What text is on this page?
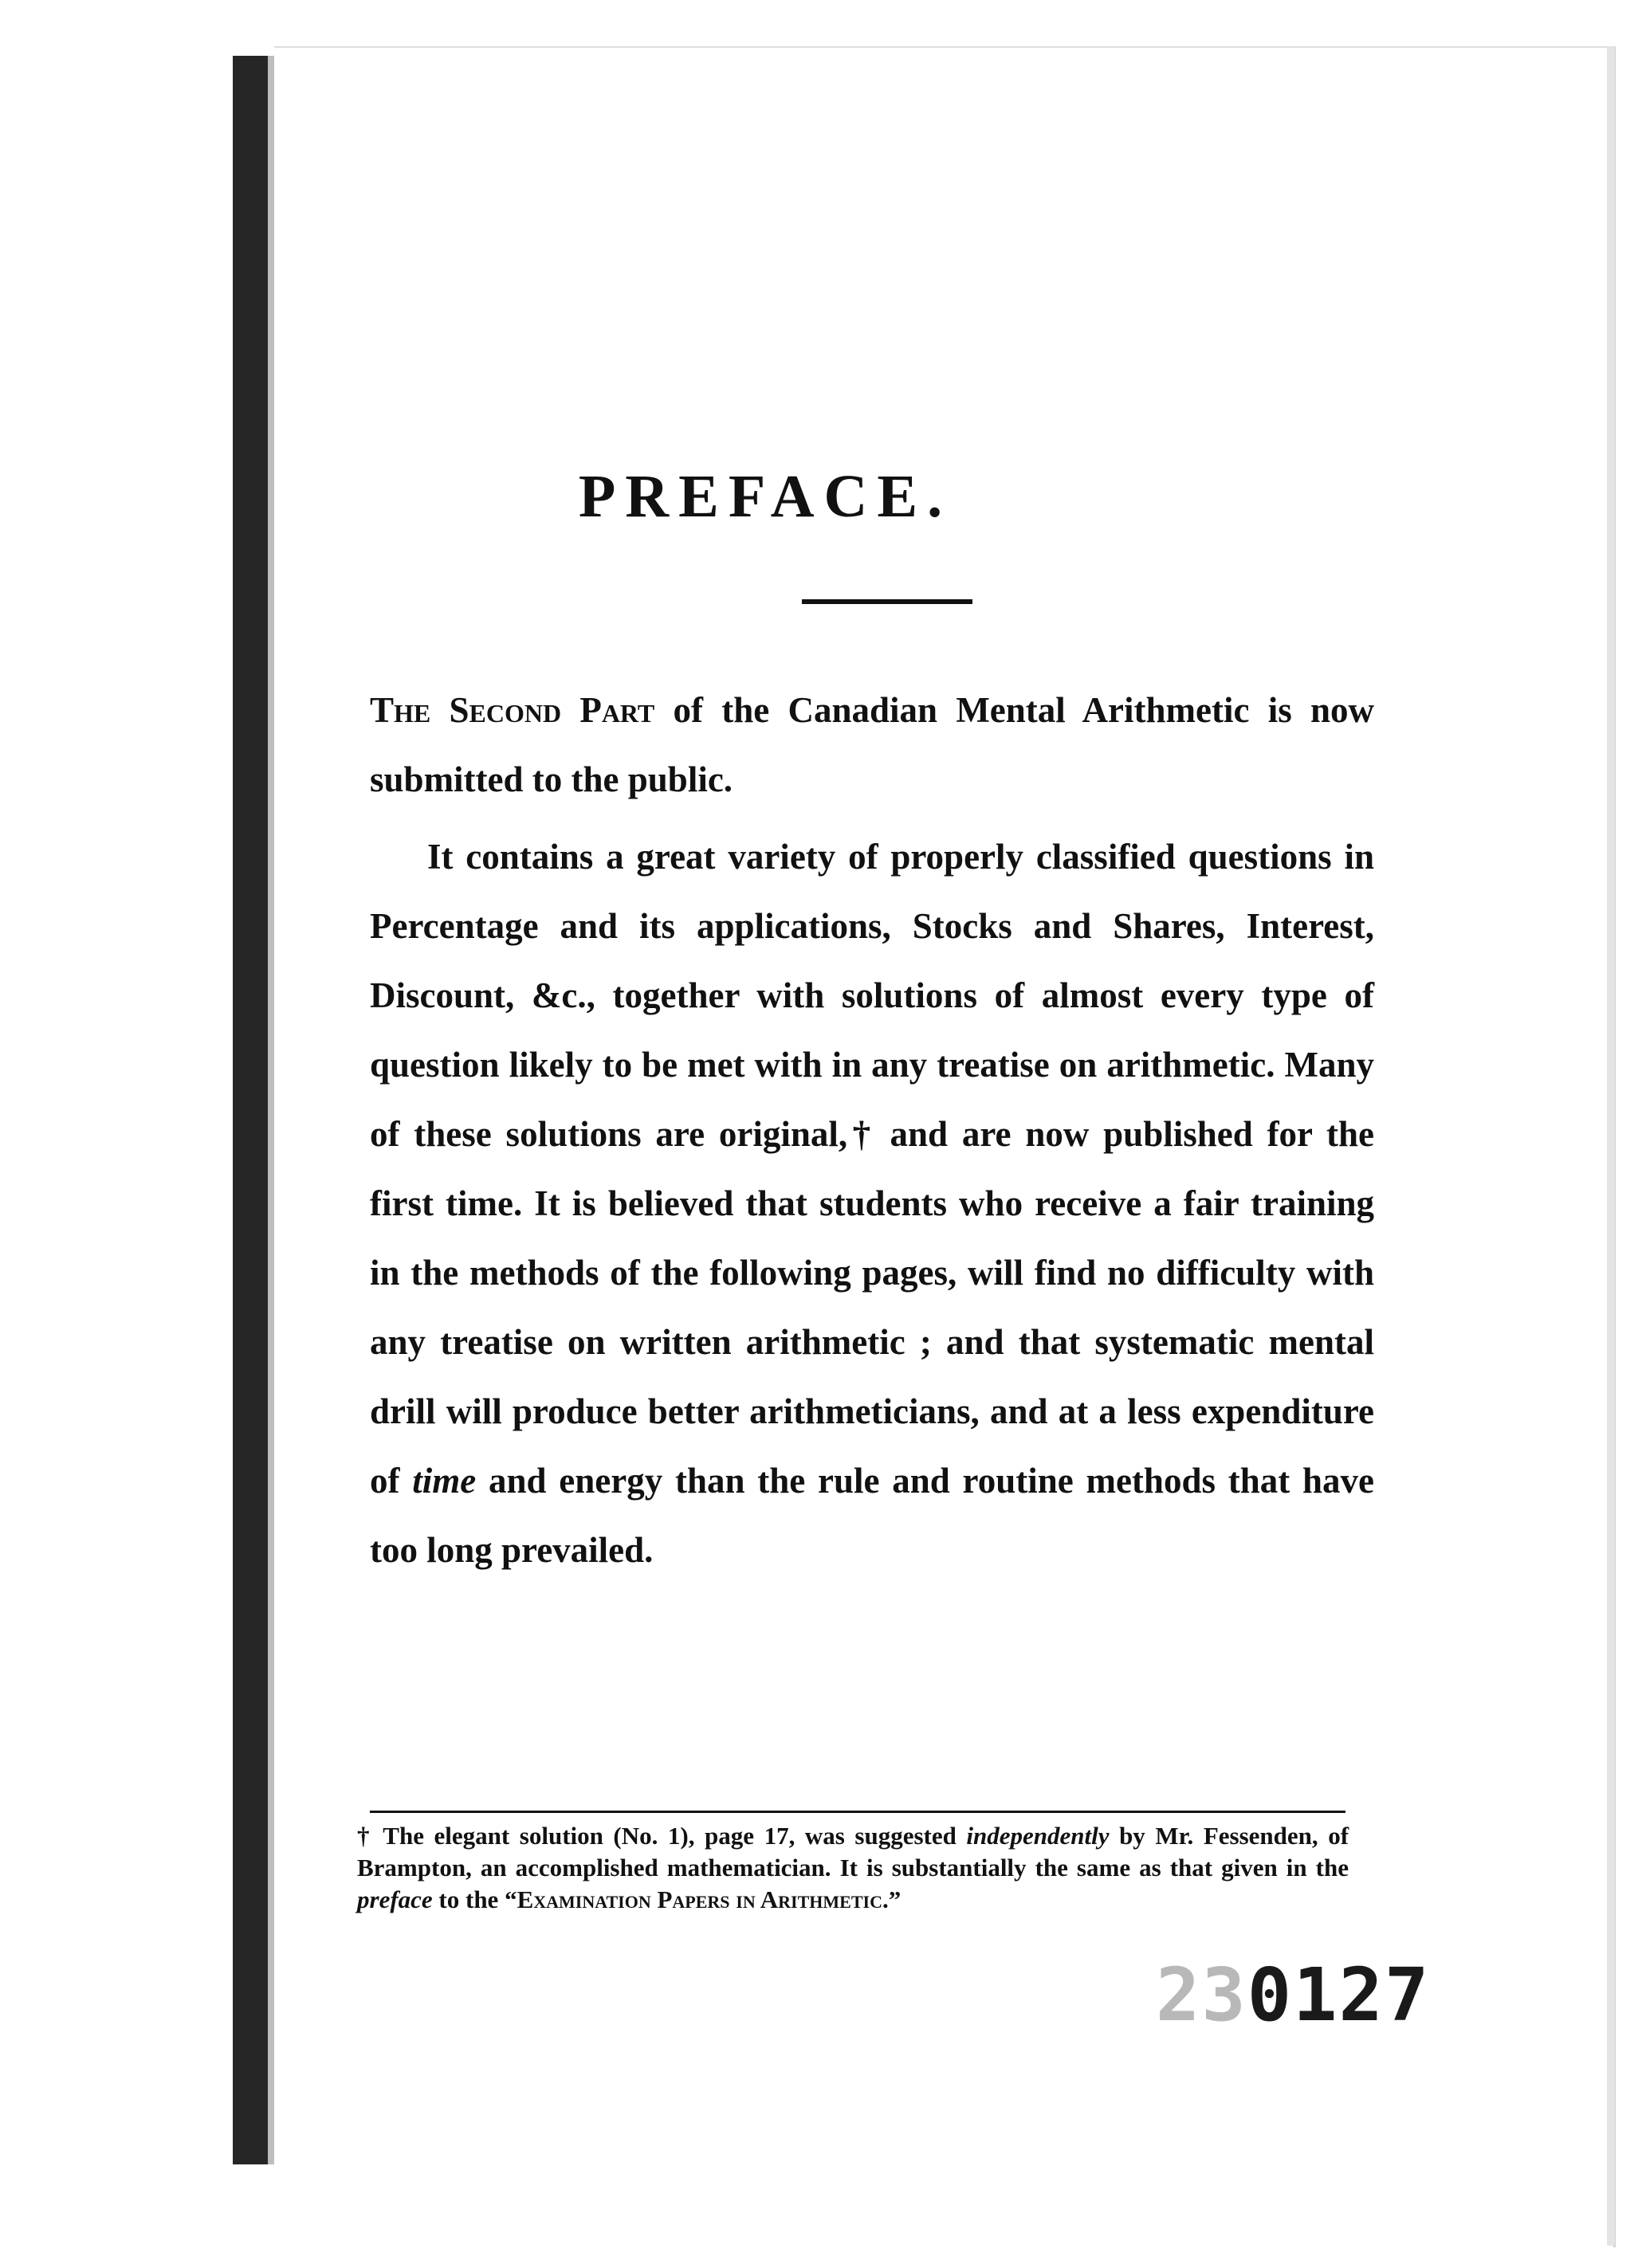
PREFACE.

The Second Part of the Canadian Mental Arithmetic is now submitted to the public.

It contains a great variety of properly classified questions in Percentage and its applications, Stocks and Shares, Interest, Discount, &c., together with solutions of almost every type of question likely to be met with in any treatise on arithmetic. Many of these solutions are original,† and are now published for the first time. It is believed that students who receive a fair training in the methods of the following pages, will find no difficulty with any treatise on written arithmetic ; and that systematic mental drill will produce better arithmeticians, and at a less expenditure of time and energy than the rule and routine methods that have too long prevailed.

† The elegant solution (No. 1), page 17, was suggested independently by Mr. Fessenden, of Brampton, an accomplished mathematician. It is substantially the same as that given in the preface to the “Examination Papers in Arithmetic.”

230127
